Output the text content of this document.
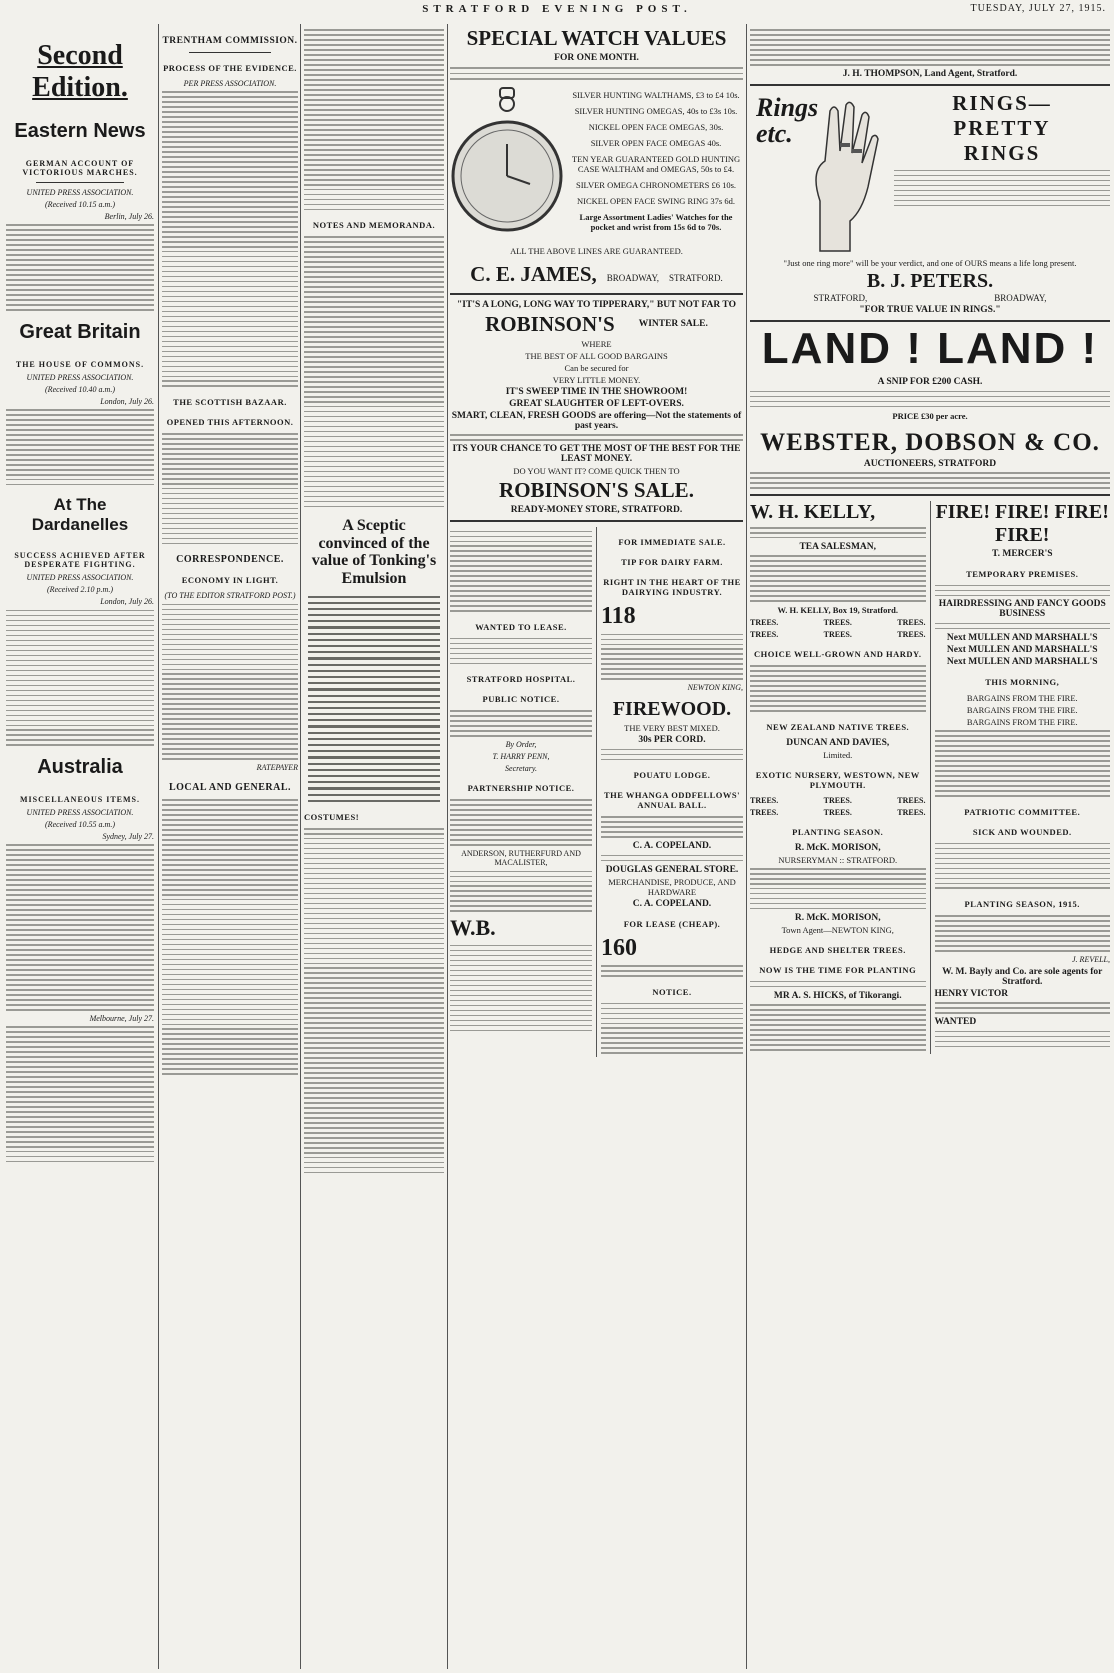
STRATFORD EVENING POST.	TUESDAY, JULY 27, 1915.
Second Edition.
Eastern News
GERMAN ACCOUNT OF VICTORIOUS MARCHES.
UNITED PRESS ASSOCIATION.
(Received 10.15 a.m.)
Berlin, July 26.
Great Britain
THE HOUSE OF COMMONS.
UNITED PRESS ASSOCIATION.
(Received 10.40 a.m.)
London, July 26.
At The Dardanelles
SUCCESS ACHIEVED AFTER DESPERATE FIGHTING.
UNITED PRESS ASSOCIATION.
(Received 2.10 p.m.)
London, July 26.
Australia
MISCELLANEOUS ITEMS.
UNITED PRESS ASSOCIATION.
(Received 10.55 a.m.)
Sydney, July 27.
Melbourne, July 27.
TRENTHAM COMMISSION.
PROCESS OF THE EVIDENCE.
PER PRESS ASSOCIATION.
THE SCOTTISH BAZAAR.
OPENED THIS AFTERNOON.
CORRESPONDENCE.
ECONOMY IN LIGHT.
(TO THE EDITOR STRATFORD POST.)
RATEPAYER
LOCAL AND GENERAL.
NOTES AND MEMORANDA.
A Sceptic convinced of the value of Tonking's Emulsion
COSTUMES!
SPECIAL WATCH VALUES
FOR ONE MONTH.
SILVER HUNTING WALTHAMS, £3 to £4 10s.
SILVER HUNTING OMEGAS, 40s to £3s 10s.
NICKEL OPEN FACE OMEGAS, 30s.
SILVER OPEN FACE OMEGAS 40s.
TEN YEAR GUARANTEED GOLD HUNTING CASE WALTHAM and OMEGAS, 50s to £4.
SILVER OMEGA CHRONOMETERS £6 10s.
NICKEL OPEN FACE SWING RING 37s 6d.
Large Assortment Ladies' Watches for the pocket and wrist from 15s 6d to 70s.
ALL THE ABOVE LINES ARE GUARANTEED.
C. E. JAMES, BROADWAY, STRATFORD.
"IT'S A LONG, LONG WAY TO TIPPERARY," BUT NOT FAR TO
ROBINSON'S	WINTER SALE.
WHERE
THE BEST OF ALL GOOD BARGAINS
Can be secured for
VERY LITTLE MONEY.
IT'S SWEEP TIME IN THE SHOWROOM!
GREAT SLAUGHTER OF LEFT-OVERS.
SMART, CLEAN, FRESH GOODS are offering—Not the statements of past years.
ITS YOUR CHANCE TO GET THE MOST OF THE BEST FOR THE LEAST MONEY.
DO YOU WANT IT? COME QUICK THEN TO
ROBINSON'S SALE.
READY-MONEY STORE, STRATFORD.
WANTED TO LEASE.
STRATFORD HOSPITAL.
PUBLIC NOTICE.
By Order,
T. HARRY PENN,
Secretary.
PARTNERSHIP NOTICE.
ANDERSON, RUTHERFURD AND MACALISTER,
W.B.
FOR IMMEDIATE SALE.
TIP FOR DAIRY FARM.
RIGHT IN THE HEART OF THE DAIRYING INDUSTRY.
118
NEWTON KING,
FIREWOOD.
THE VERY BEST MIXED.
30s PER CORD.
POUATU LODGE.
THE WHANGA ODDFELLOWS' ANNUAL BALL.
C. A. COPELAND.
DOUGLAS GENERAL STORE.
MERCHANDISE, PRODUCE, AND HARDWARE
C. A. COPELAND.
FOR LEASE (CHEAP).
160
NOTICE.
J. H. THOMPSON, Land Agent, Stratford.
Rings etc.
RINGS—
PRETTY
RINGS
"Just one ring more" will be your verdict, and one of OURS means a life long present.
B. J. PETERS.
STRATFORD,	BROADWAY,
"FOR TRUE VALUE IN RINGS."
LAND ! LAND !
A SNIP FOR £200 CASH.
PRICE £30 per acre.
WEBSTER, DOBSON & CO.
AUCTIONEERS, STRATFORD
W. H. KELLY,
TEA SALESMAN,
W. H. KELLY, Box 19, Stratford.
TREES.	TREES.	TREES.
TREES.	TREES.	TREES.
CHOICE WELL-GROWN AND HARDY.
NEW ZEALAND NATIVE TREES.
DUNCAN AND DAVIES,
Limited.
EXOTIC NURSERY, WESTOWN, NEW PLYMOUTH.
TREES.	TREES.	TREES.
TREES.	TREES.	TREES.
PLANTING SEASON.
R. McK. MORISON,
NURSERYMAN :: STRATFORD.
R. McK. MORISON,
Town Agent—NEWTON KING,
HEDGE AND SHELTER TREES.
NOW IS THE TIME FOR PLANTING
MR A. S. HICKS, of Tikorangi.
FIRE! FIRE! FIRE! FIRE!
T. MERCER'S
TEMPORARY PREMISES.
HAIRDRESSING AND FANCY GOODS BUSINESS
Next MULLEN AND MARSHALL'S
Next MULLEN AND MARSHALL'S
Next MULLEN AND MARSHALL'S
THIS MORNING,
BARGAINS FROM THE FIRE.
BARGAINS FROM THE FIRE.
BARGAINS FROM THE FIRE.
PATRIOTIC COMMITTEE.
SICK AND WOUNDED.
PLANTING SEASON, 1915.
J. REVELL,
W. M. Bayly and Co. are sole agents for Stratford.
HENRY VICTOR
WANTED
